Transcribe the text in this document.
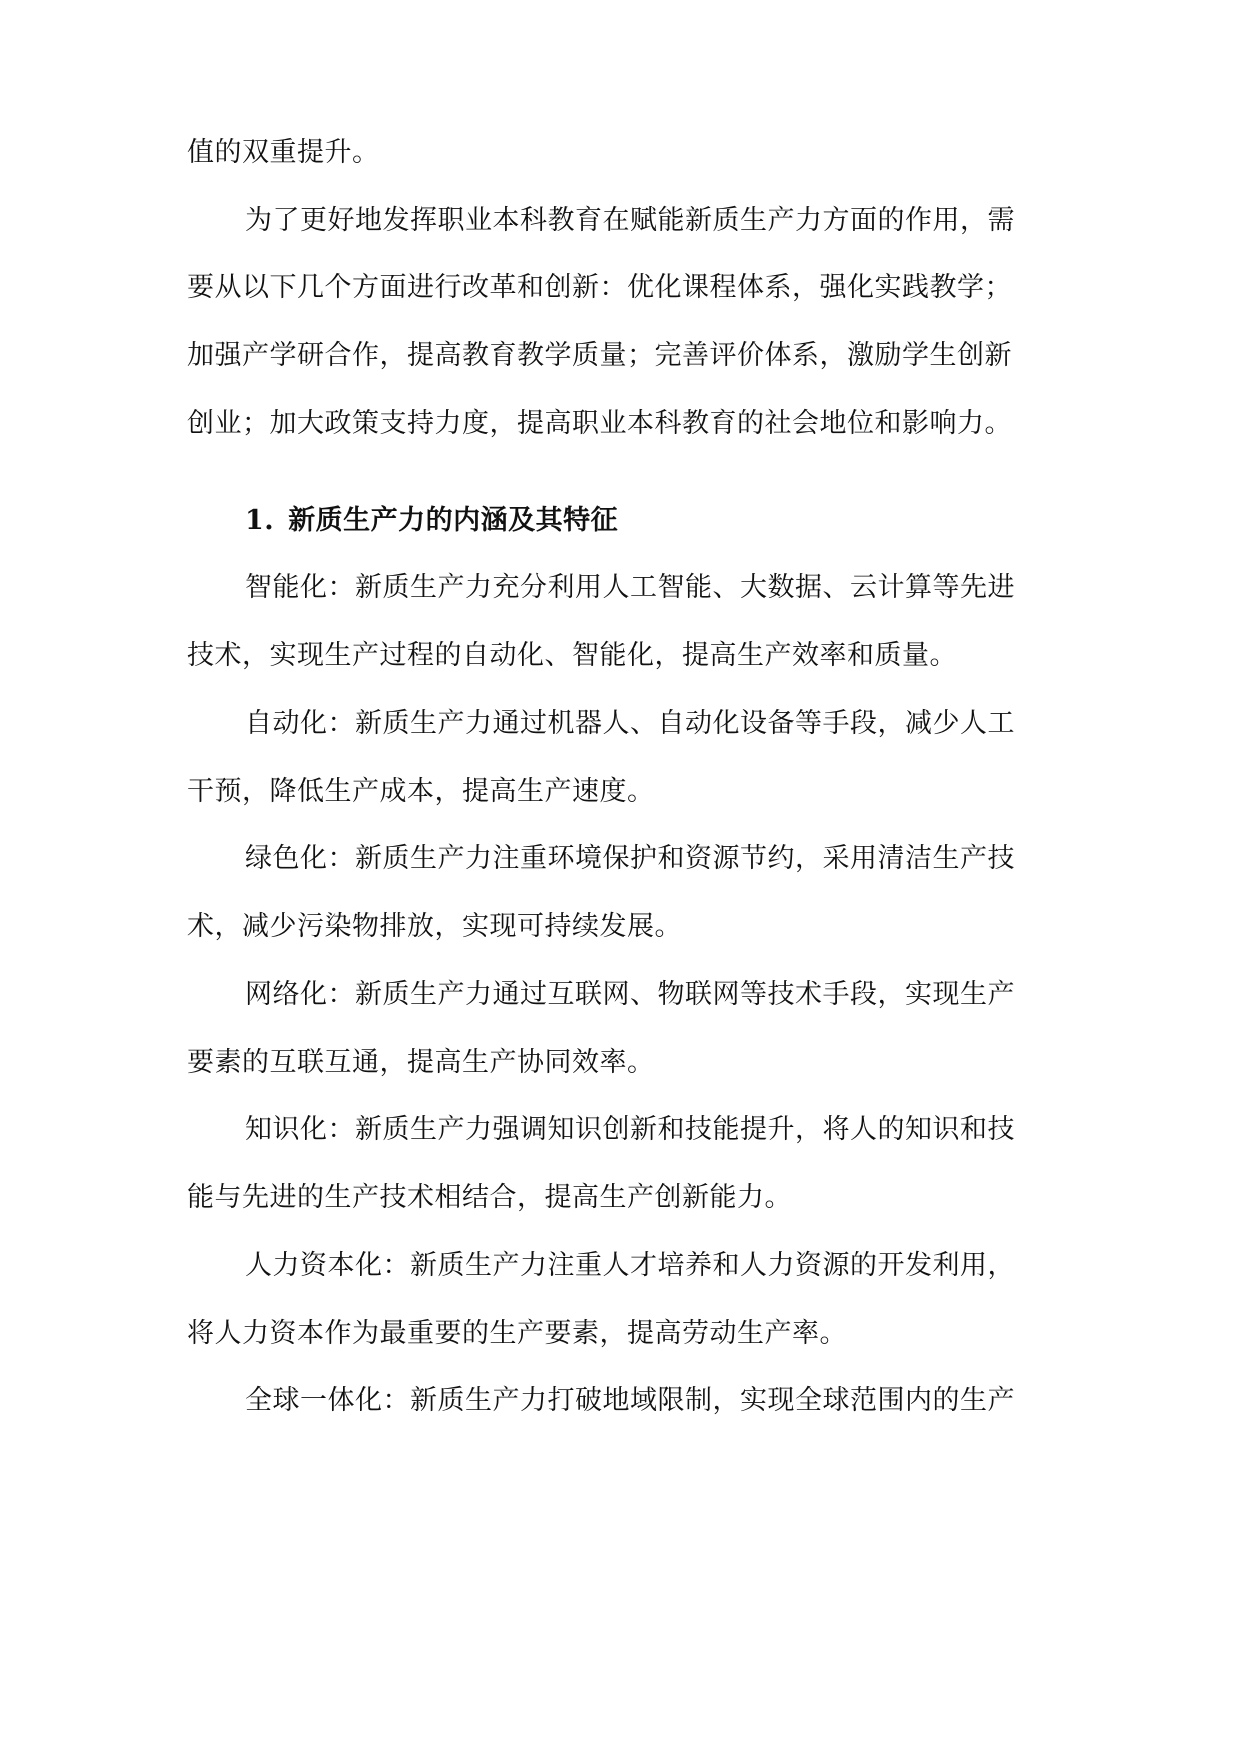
值的双重提升。
为了更好地发挥职业本科教育在赋能新质生产力方面的作用，需
要从以下几个方面进行改革和创新：优化课程体系，强化实践教学；
加强产学研合作，提高教育教学质量；完善评价体系，激励学生创新
创业；加大政策支持力度，提高职业本科教育的社会地位和影响力。
1. 新质生产力的内涵及其特征
智能化：新质生产力充分利用人工智能、大数据、云计算等先进
技术，实现生产过程的自动化、智能化，提高生产效率和质量。
自动化：新质生产力通过机器人、自动化设备等手段，减少人工
干预，降低生产成本，提高生产速度。
绿色化：新质生产力注重环境保护和资源节约，采用清洁生产技
术，减少污染物排放，实现可持续发展。
网络化：新质生产力通过互联网、物联网等技术手段，实现生产
要素的互联互通，提高生产协同效率。
知识化：新质生产力强调知识创新和技能提升，将人的知识和技
能与先进的生产技术相结合，提高生产创新能力。
人力资本化：新质生产力注重人才培养和人力资源的开发利用，
将人力资本作为最重要的生产要素，提高劳动生产率。
全球一体化：新质生产力打破地域限制，实现全球范围内的生产
